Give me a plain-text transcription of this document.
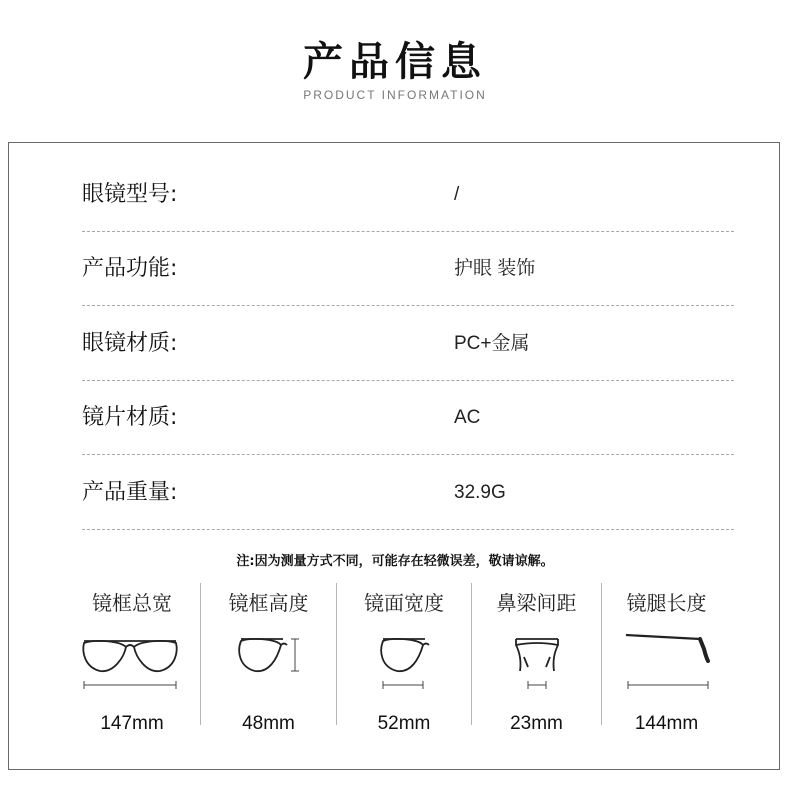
产品信息
PRODUCT INFORMATION
眼镜型号:	/
产品功能:	护眼 装饰
眼镜材质:	PC+金属
镜片材质:	AC
产品重量:	32.9G
注:因为测量方式不同，可能存在轻微误差，敬请谅解。
镜框总宽
147mm
镜框高度
48mm
镜面宽度
52mm
鼻梁间距
23mm
镜腿长度
144mm
